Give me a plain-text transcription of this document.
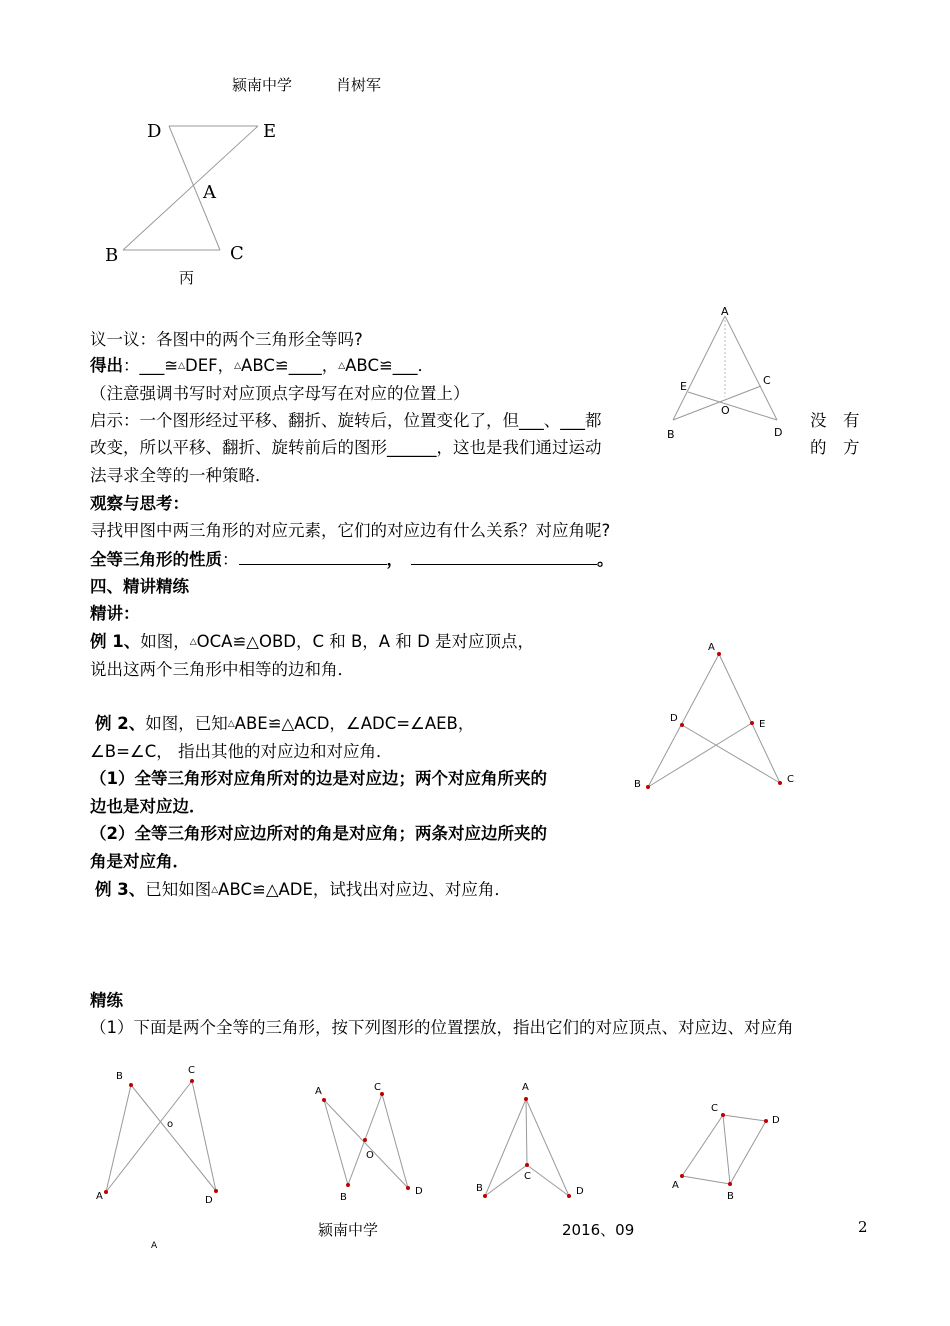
颍南中学	肖树军
D	E
A
B	C
丙
A
E	C
O
B	D
议一议：各图中的两个三角形全等吗?
得出：___≅△DEF，△ABC≌____，△ABC≌___．
（注意强调书写时对应顶点字母写在对应的位置上）
启示：一个图形经过平移、翻折、旋转后，位置变化了，但___、___都	没　有
改变，所以平移、翻折、旋转前后的图形______，这也是我们通过运动	的　方
法寻求全等的一种策略．
观察与思考：
寻找甲图中两三角形的对应元素，它们的对应边有什么关系？对应角呢?
全等三角形的性质：	，	。
四、精讲精练
精讲：
例 1、如图，△OCA≌△OBD，C 和 B，A 和 D 是对应顶点，
说出这两个三角形中相等的边和角．
例 2、如图，已知△ABE≌△ACD，∠ADC=∠AEB，
∠B=∠C， 指出其他的对应边和对应角．
（1）全等三角形对应角所对的边是对应边；两个对应角所夹的
边也是对应边．
（2）全等三角形对应边所对的角是对应角；两条对应边所夹的
角是对应角．
例 3、已知如图△ABC≌△ADE，试找出对应边、对应角．
A
D
E
B	C
精练
（1）下面是两个全等的三角形，按下列图形的位置摆放，指出它们的对应顶点、对应边、对应角
B
C
o
A	D
A	C
O
B
D
A
B
C
D
C
D
A
B
颍南中学	2016、09	2
A
